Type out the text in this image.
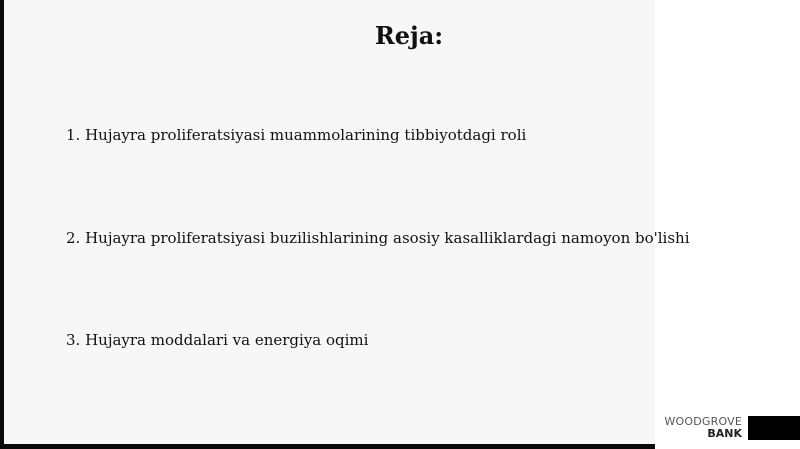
Reja:
1. Hujayra proliferatsiyasi muammolarining tibbiyotdagi roli
2. Hujayra proliferatsiyasi buzilishlarining asosiy kasalliklardagi namoyon bo'lishi
3. Hujayra moddalari va energiya oqimi
WOODGROVE
BANK
